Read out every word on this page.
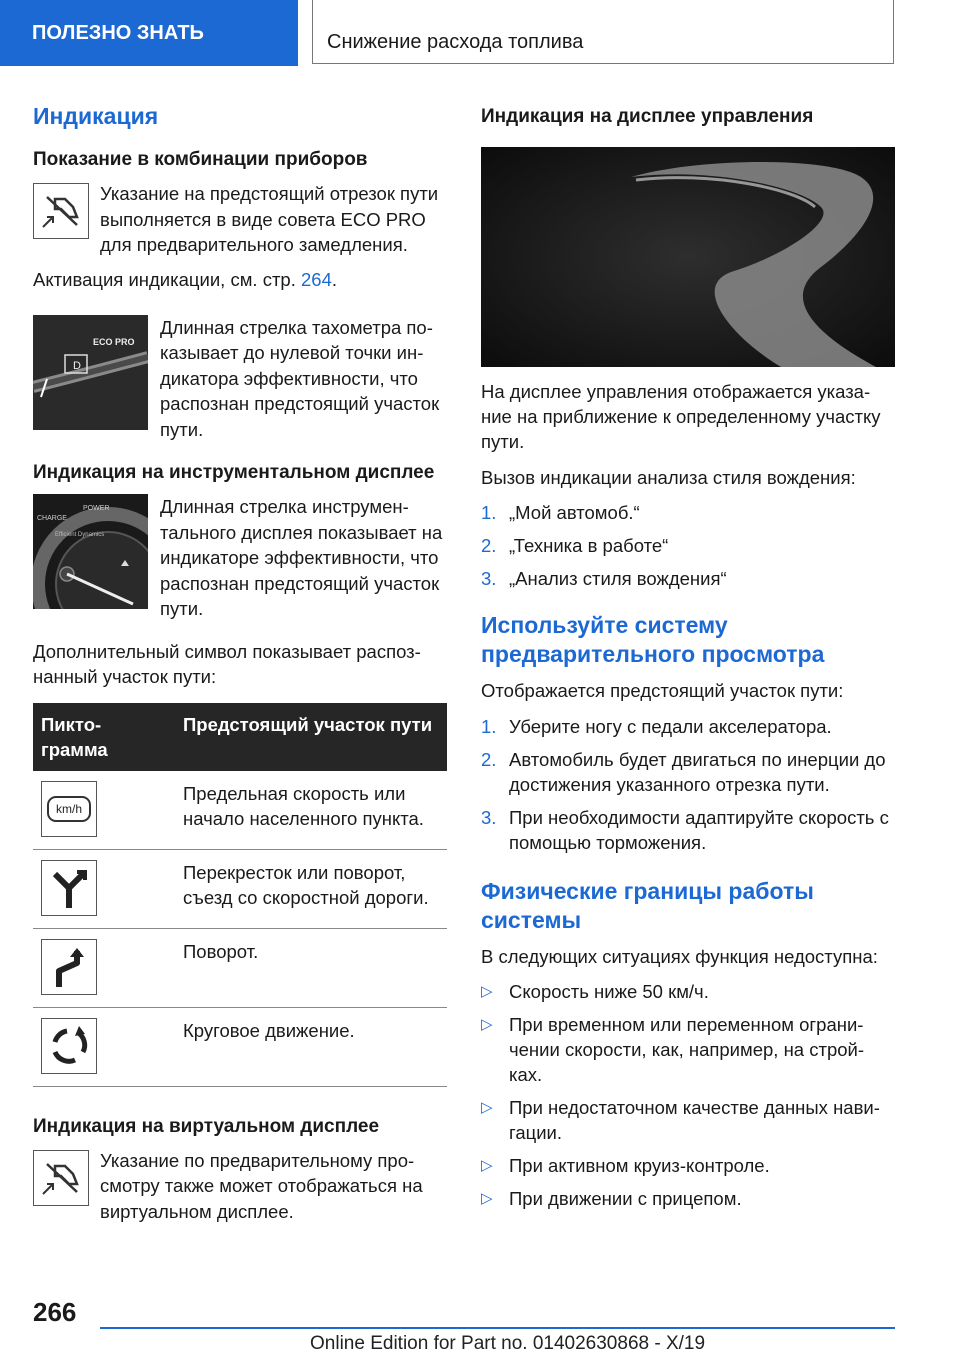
ПОЛЕЗНО ЗНАТЬ	Снижение расхода топлива
Индикация
Показание в комбинации приборов
Указание на предстоящий отрезок пути выполняется в виде совета ECO PRO для предварительного замедления.

Активация индикации, см. стр. 264.

D
ECO PRO
Длинная стрелка тахометра по-казывает до нулевой точки ин-дикатора эффективности, что распознан предстоящий участок пути.
Индикация на инструментальном дисплее
CHARGE
POWER
Efficient Dynamics
Длинная стрелка инструмен-тального дисплея показывает на индикаторе эффективности, что распознан предстоящий участок пути.

Дополнительный символ показывает распоз-нанный участок пути:

Пикто-грамма	Предстоящий участок пути

km/h	Предельная скорость или начало населенного пункта.

	Перекресток или поворот, съезд со скоростной дороги.

	Поворот.

	Круговое движение.
Индикация на виртуальном дисплее
Указание по предварительному про-смотру также может отображаться на виртуальном дисплее.
Индикация на дисплее управления

На дисплее управления отображается указа-ние на приближение к определенному участку пути.

Вызов индикации анализа стиля вождения:

1. „Мой автомоб.“
2. „Техника в работе“
3. „Анализ стиля вождения“
Используйте систему предварительного просмотра

Отображается предстоящий участок пути:

1. Уберите ногу с педали акселератора.
2. Автомобиль будет двигаться по инерции до достижения указанного отрезка пути.
3. При необходимости адаптируйте скорость с помощью торможения.
Физические границы работы системы

В следующих ситуациях функция недоступна:

▷ Скорость ниже 50 км/ч.
▷ При временном или переменном ограни-чении скорости, как, например, на строй-ках.
▷ При недостаточном качестве данных нави-гации.
▷ При активном круиз-контроле.
▷ При движении с прицепом.
266
Online Edition for Part no. 01402630868 - X/19
